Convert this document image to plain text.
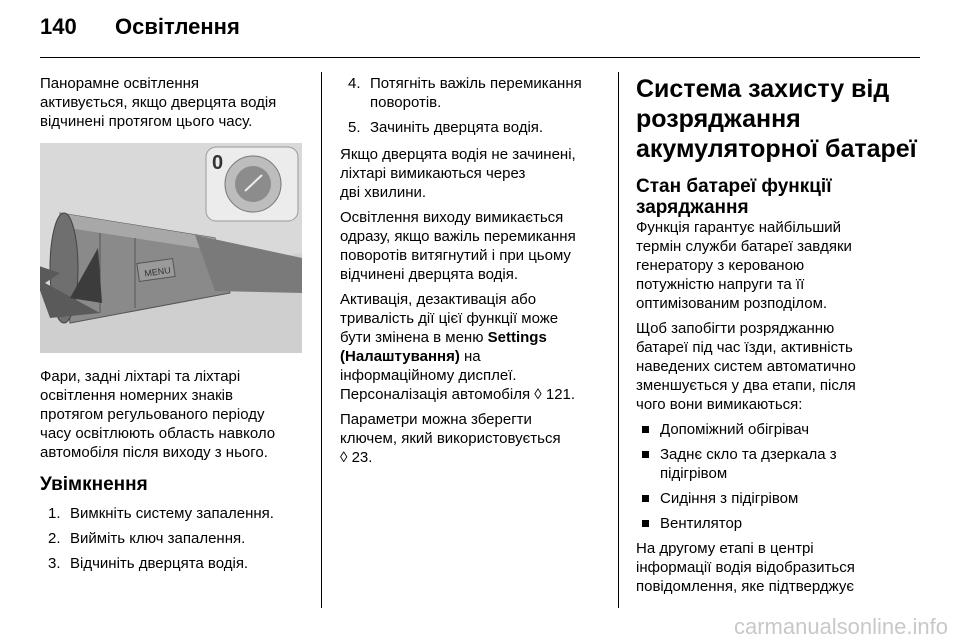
140 Освітлення

Панорамне освітлення
активується, якщо дверцята водія
відчинені протягом цього часу.

MENU
0

Фари, задні ліхтарі та ліхтарі
освітлення номерних знаків
протягом регульованого періоду
часу освітлюють область навколо
автомобіля після виходу з нього.

Увімкнення
1. Вимкніть систему запалення.
2. Вийміть ключ запалення.
3. Відчиніть дверцята водія.
4. Потягніть важіль перемикання
поворотів.
5. Зачиніть дверцята водія.

Якщо дверцята водія не зачинені,
ліхтарі вимикаються через
дві хвилини.

Освітлення виходу вимикається
одразу, якщо важіль перемикання
поворотів витягнутий і при цьому
відчинені дверцята водія.

Активація, дезактивація або
тривалість дії цієї функції може
бути змінена в меню Settings
(Налаштування) на
інформаційному дисплеї.
Персоналізація автомобіля ◊ 121.

Параметри можна зберегти
ключем, який використовується
◊ 23.

Система захисту від
розряджання
акумуляторної батареї
Стан батареї функції
заряджання

Функція гарантує найбільший
термін служби батареї завдяки
генератору з керованою
потужністю напруги та її
оптимізованим розподілом.

Щоб запобігти розряджанню
батареї під час їзди, активність
наведених систем автоматично
зменшується у два етапи, після
чого вони вимикаються:

Допоміжний обігрівач
Заднє скло та дзеркала з
підігрівом
Сидіння з підігрівом
Вентилятор

На другому етапі в центрі
інформації водія відобразиться
повідомлення, яке підтверджує

carmanualsonline.info
